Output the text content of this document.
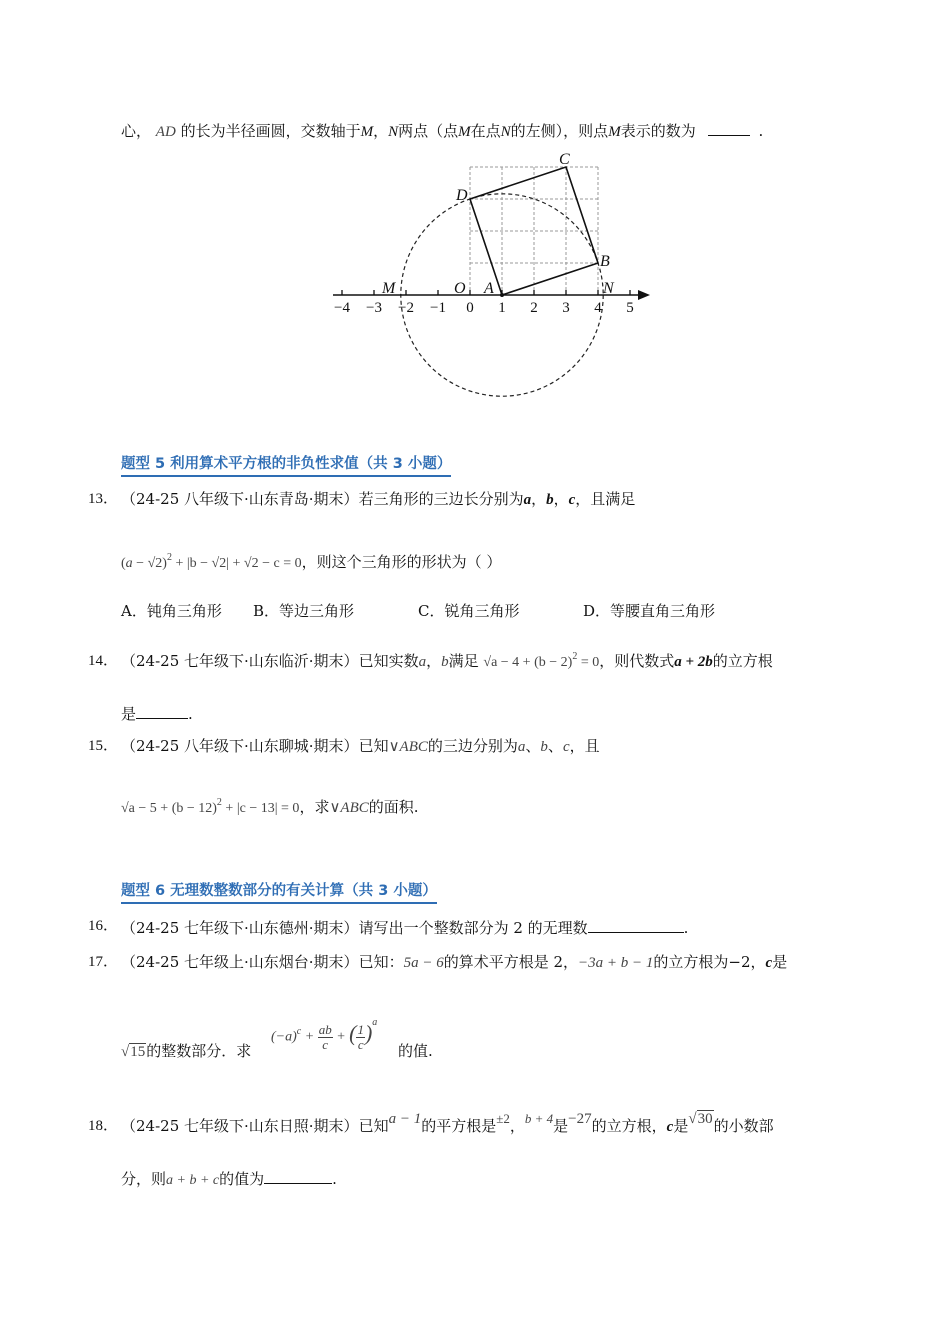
心， AD 的长为半径画圆，交数轴于M，N两点（点M在点N的左侧），则点M表示的数为	.
−4 −3 −2 −1 0 1 2 3 4 5
C
D
B
O A
M	N
题型 5 利用算术平方根的非负性求值（共 3 小题）
13． （24-25 八年级下·山东青岛·期末）若三角形的三边长分别为a，b，c，且满足
$(a - √2)^2 + |b - √2| + √2 - c = 0$，则这个三角形的形状为（ ）
A．钝角三角形 B．等边三角形	C．锐角三角形	D．等腰直角三角形
14． （24-25 七年级下·山东临沂·期末）已知实数a，b满足 $√a - 4 + (b - 2)^2 = 0$，则代数式a + 2b的立方根
是	.
15． （24-25 八年级下·山东聊城·期末）已知∨ABC的三边分别为a、b、c，且
$√a - 5 + (b - 12)^2 + |c - 13| = 0$，求∨ABC的面积.
题型 6 无理数整数部分的有关计算（共 3 小题）
16． （24-25 七年级下·山东德州·期末）请写出一个整数部分为 2 的无理数	.
17． （24-25 七年级上·山东烟台·期末）已知：5a − 6的算术平方根是 2，−3a + b − 1的立方根为−2，c是
√15的整数部分．求
$(-a)^c + \frac{ab}{c}$ + ( $\frac{1}{c} )^a$
的值.
18． （24-25 七年级下·山东日照·期末）已知a − 1的平方根是±2，b + 4是−27的立方根，c是√30的小数部
分，则a + b + c的值为	.
